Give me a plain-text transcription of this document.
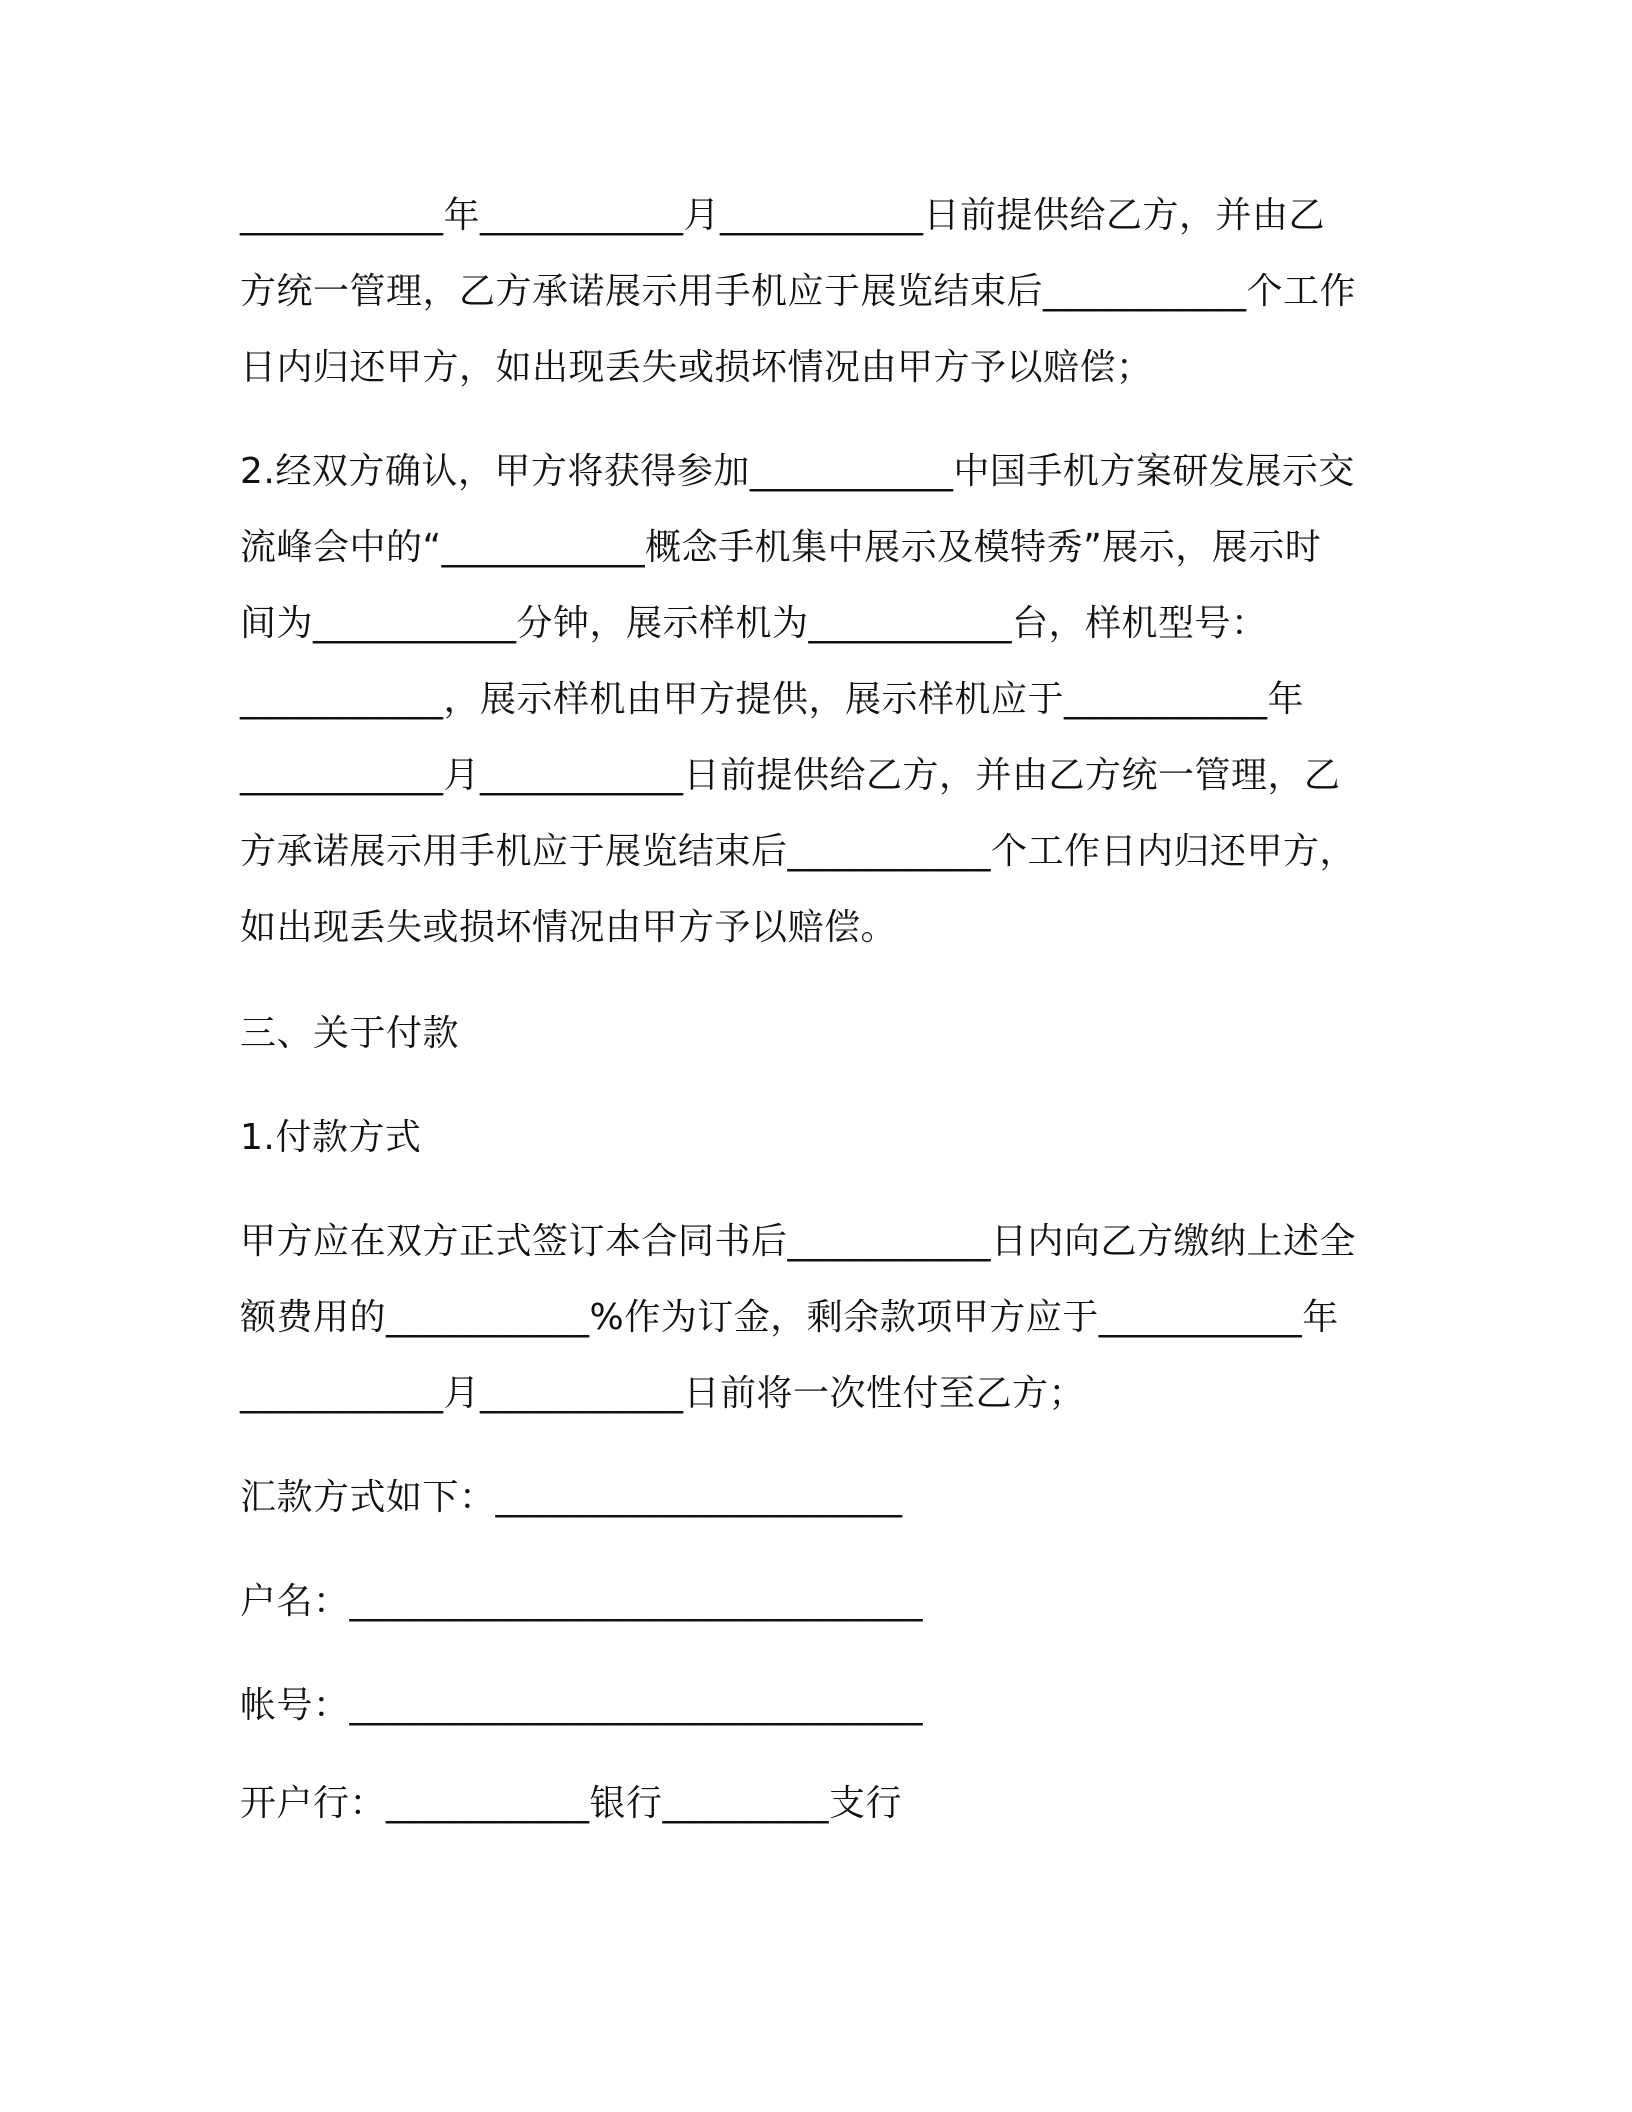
___________年___________月___________日前提供给乙方，并由乙
方统一管理，乙方承诺展示用手机应于展览结束后___________个工作
日内归还甲方，如出现丢失或损坏情况由甲方予以赔偿；
2.经双方确认，甲方将获得参加___________中国手机方案研发展示交
流峰会中的“___________概念手机集中展示及模特秀”展示，展示时
间为___________分钟，展示样机为___________台，样机型号：
___________，展示样机由甲方提供，展示样机应于___________年
___________月___________日前提供给乙方，并由乙方统一管理，乙
方承诺展示用手机应于展览结束后___________个工作日内归还甲方，
如出现丢失或损坏情况由甲方予以赔偿。
三、关于付款
1.付款方式
甲方应在双方正式签订本合同书后___________日内向乙方缴纳上述全
额费用的___________%作为订金，剩余款项甲方应于___________年
___________月___________日前将一次性付至乙方；
汇款方式如下：______________________
户名：_______________________________
帐号：_______________________________
开户行：___________银行_________支行
